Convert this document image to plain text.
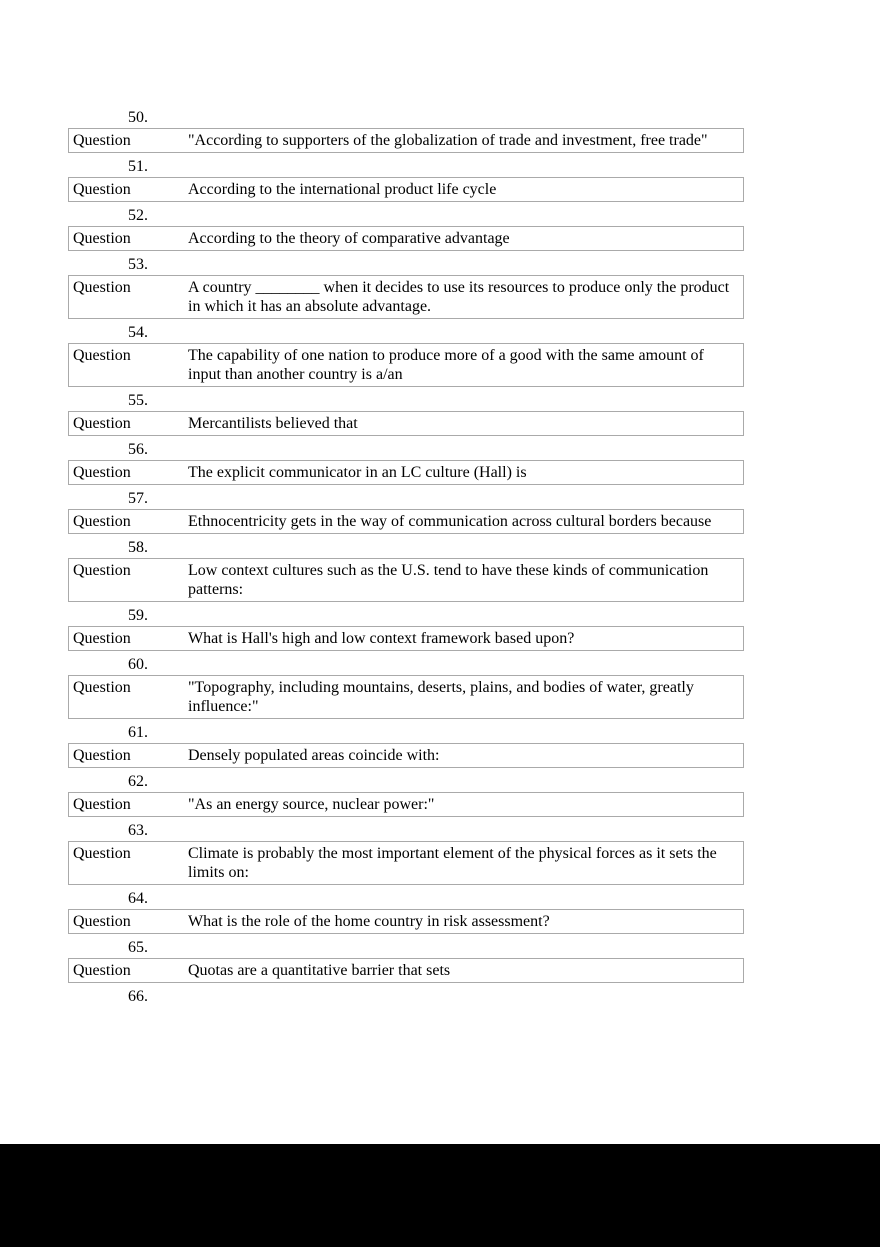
50.
Question	"According to supporters of the globalization of trade and investment, free trade"
51.
Question	According to the international product life cycle
52.
Question	According to the theory of comparative advantage
53.
Question	A country ________ when it decides to use its resources to produce only the product in which it has an absolute advantage.
54.
Question	The capability of one nation to produce more of a good with the same amount of input than another country is a/an
55.
Question	Mercantilists believed that
56.
Question	The explicit communicator in an LC culture (Hall) is
57.
Question	Ethnocentricity gets in the way of communication across cultural borders because
58.
Question	Low context cultures such as the U.S. tend to have these kinds of communication patterns:
59.
Question	What is Hall's high and low context framework based upon?
60.
Question	"Topography, including mountains, deserts, plains, and bodies of water, greatly influence:"
61.
Question	Densely populated areas coincide with:
62.
Question	"As an energy source, nuclear power:"
63.
Question	Climate is probably the most important element of the physical forces as it sets the limits on:
64.
Question	What is the role of the home country in risk assessment?
65.
Question	Quotas are a quantitative barrier that sets
66.
